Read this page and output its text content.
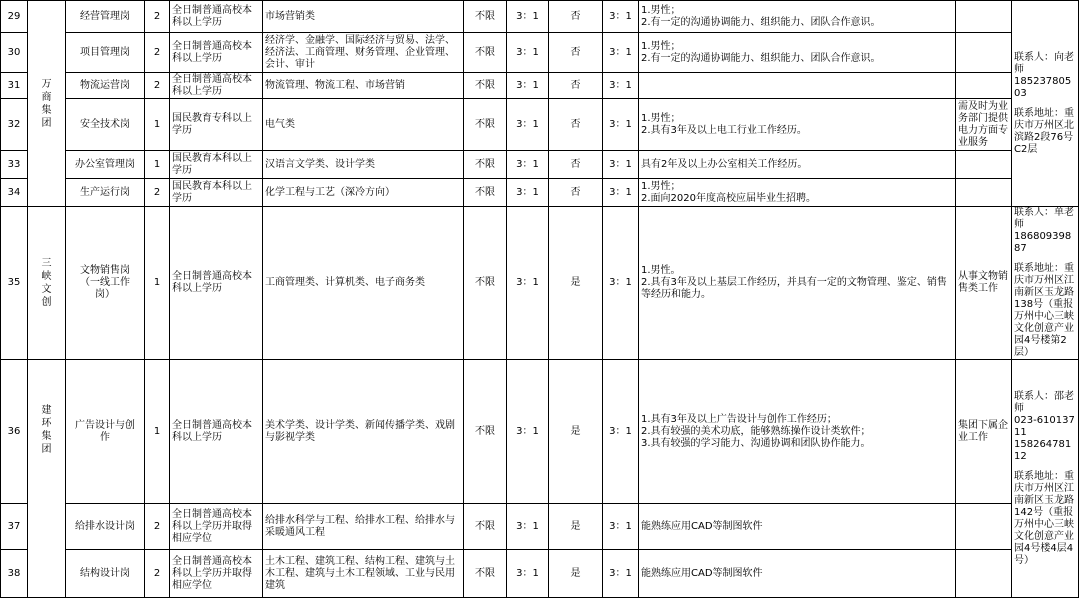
29	万商集团	经营管理岗	2	全日制普通高校本科以上学历	市场营销类	不限	3：1	否	3：1	1.男性；
2.有一定的沟通协调能力、组织能力、团队合作意识。		联系人：向老师
18523780503
联系地址：重庆市万州区北滨路2段76号C2层

30		项目管理岗	2	全日制普通高校本科以上学历	经济学、金融学、国际经济与贸易、法学、经济法、工商管理、财务管理、企业管理、会计、审计	不限	3：1	否	3：1	1.男性；
2.有一定的沟通协调能力、组织能力、团队合作意识。		

31		物流运营岗	2	全日制普通高校本科以上学历	物流管理、物流工程、市场营销	不限	3：1	否	3：1			
32		安全技术岗	1	国民教育专科以上学历	电气类	不限	3：1	否	3：1	1.男性；
2.具有3年及以上电工行业工作经历。	需及时为业务部门提供电力方面专业服务	
33		办公室管理岗	1	国民教育本科以上学历	汉语言文学类、设计学类	不限	3：1	否	3：1	具有2年及以上办公室相关工作经历。		

34		生产运行岗	2	国民教育本科以上学历	化学工程与工艺（深冷方向）	不限	3：1	否	3：1	1.男性；
2.面向2020年度高校应届毕业生招聘。		

35	三峡文创	文物销售岗（一线工作岗）	1	全日制普通高校本科以上学历	工商管理类、计算机类、电子商务类	不限	3：1	是	3：1	1.男性。
2.具有3年及以上基层工作经历，并具有一定的文物管理、鉴定、销售等经历和能力。	从事文物销售类工作	联系人：单老师
18680939887
联系地址：重庆市万州区江南新区玉龙路138号（重报万州中心三峡文化创意产业园4号楼第2层）

36	建环集团	广告设计与创作	1	全日制普通高校本科以上学历	美术学类、设计学类、新闻传播学类、戏剧与影视学类	不限	3：1	是	3：1	1.具有3年及以上广告设计与创作工作经历；
2.具有较强的美术功底，能够熟练操作设计类软件；
3.具有较强的学习能力、沟通协调和团队协作能力。	集团下属企业工作	联系人：邵老师
023-61013711
15826478112
联系地址：重庆市万州区江南新区玉龙路142号（重报万州中心三峡文化创意产业园4号楼4层4号）

37		给排水设计岗	2	全日制普通高校本科以上学历并取得相应学位	给排水科学与工程、给排水工程、给排水与采暖通风工程	不限	3：1	是	3：1	能熟练应用CAD等制图软件		

38		结构设计岗	2	全日制普通高校本科以上学历并取得相应学位	土木工程、建筑工程、结构工程、建筑与土木工程、建筑与土木工程领域、工业与民用建筑	不限	3：1	是	3：1	能熟练应用CAD等制图软件		
